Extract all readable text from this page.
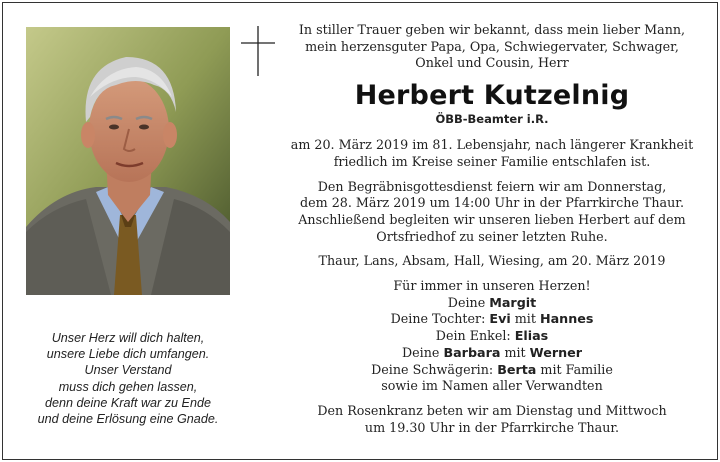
Unser Herz will dich halten,
unsere Liebe dich umfangen.
Unser Verstand
muss dich gehen lassen,
denn deine Kraft war zu Ende
und deine Erlösung eine Gnade.
In stiller Trauer geben wir bekannt, dass mein lieber Mann,
mein herzensguter Papa, Opa, Schwiegervater, Schwager,
Onkel und Cousin, Herr
Herbert Kutzelnig
ÖBB-Beamter i.R.
am 20. März 2019 im 81. Lebensjahr, nach längerer Krankheit
friedlich im Kreise seiner Familie entschlafen ist.
Den Begräbnisgottesdienst feiern wir am Donnerstag,
dem 28. März 2019 um 14:00 Uhr in der Pfarrkirche Thaur.
Anschließend begleiten wir unseren lieben Herbert auf dem
Ortsfriedhof zu seiner letzten Ruhe.
Thaur, Lans, Absam, Hall, Wiesing, am 20. März 2019
Für immer in unseren Herzen!
Deine Margit
Deine Tochter: Evi mit Hannes
Dein Enkel: Elias
Deine Barbara mit Werner
Deine Schwägerin: Berta mit Familie
sowie im Namen aller Verwandten
Den Rosenkranz beten wir am Dienstag und Mittwoch
um 19.30 Uhr in der Pfarrkirche Thaur.
